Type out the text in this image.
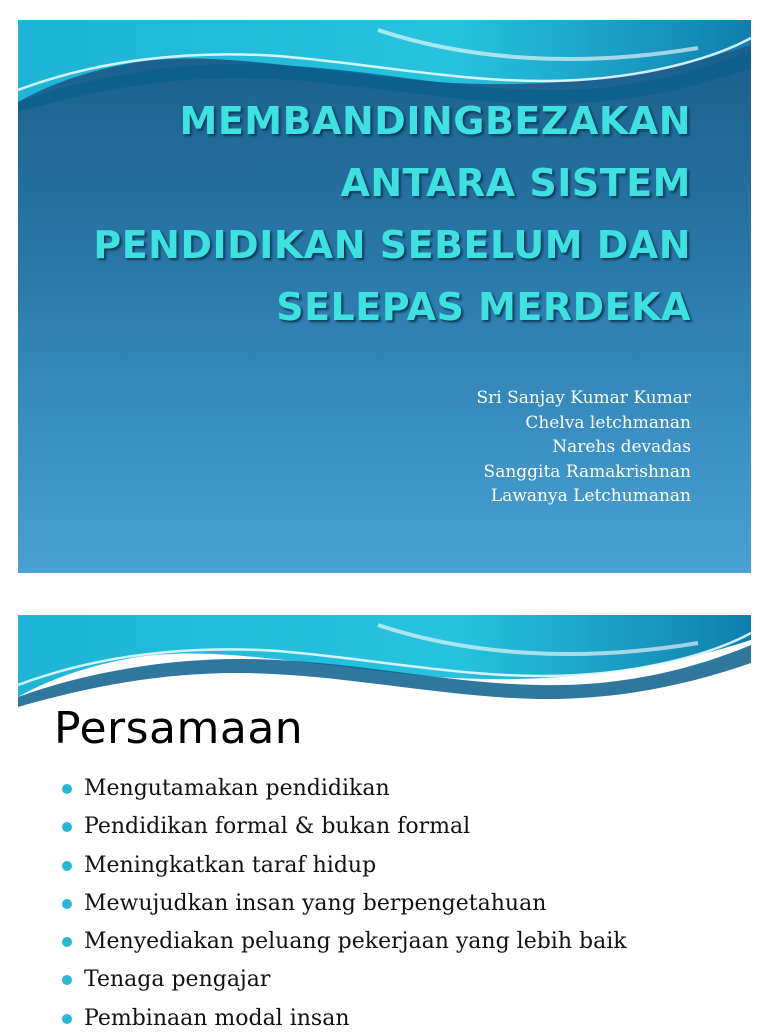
MEMBANDINGBEZAKAN
ANTARA SISTEM
PENDIDIKAN SEBELUM DAN
SELEPAS MERDEKA
Sri Sanjay Kumar Kumar
Chelva letchmanan
Narehs devadas
Sanggita Ramakrishnan
Lawanya Letchumanan
Persamaan
Mengutamakan pendidikan
Pendidikan formal & bukan formal
Meningkatkan taraf hidup
Mewujudkan insan yang berpengetahuan
Menyediakan peluang pekerjaan yang lebih baik
Tenaga pengajar
Pembinaan modal insan
